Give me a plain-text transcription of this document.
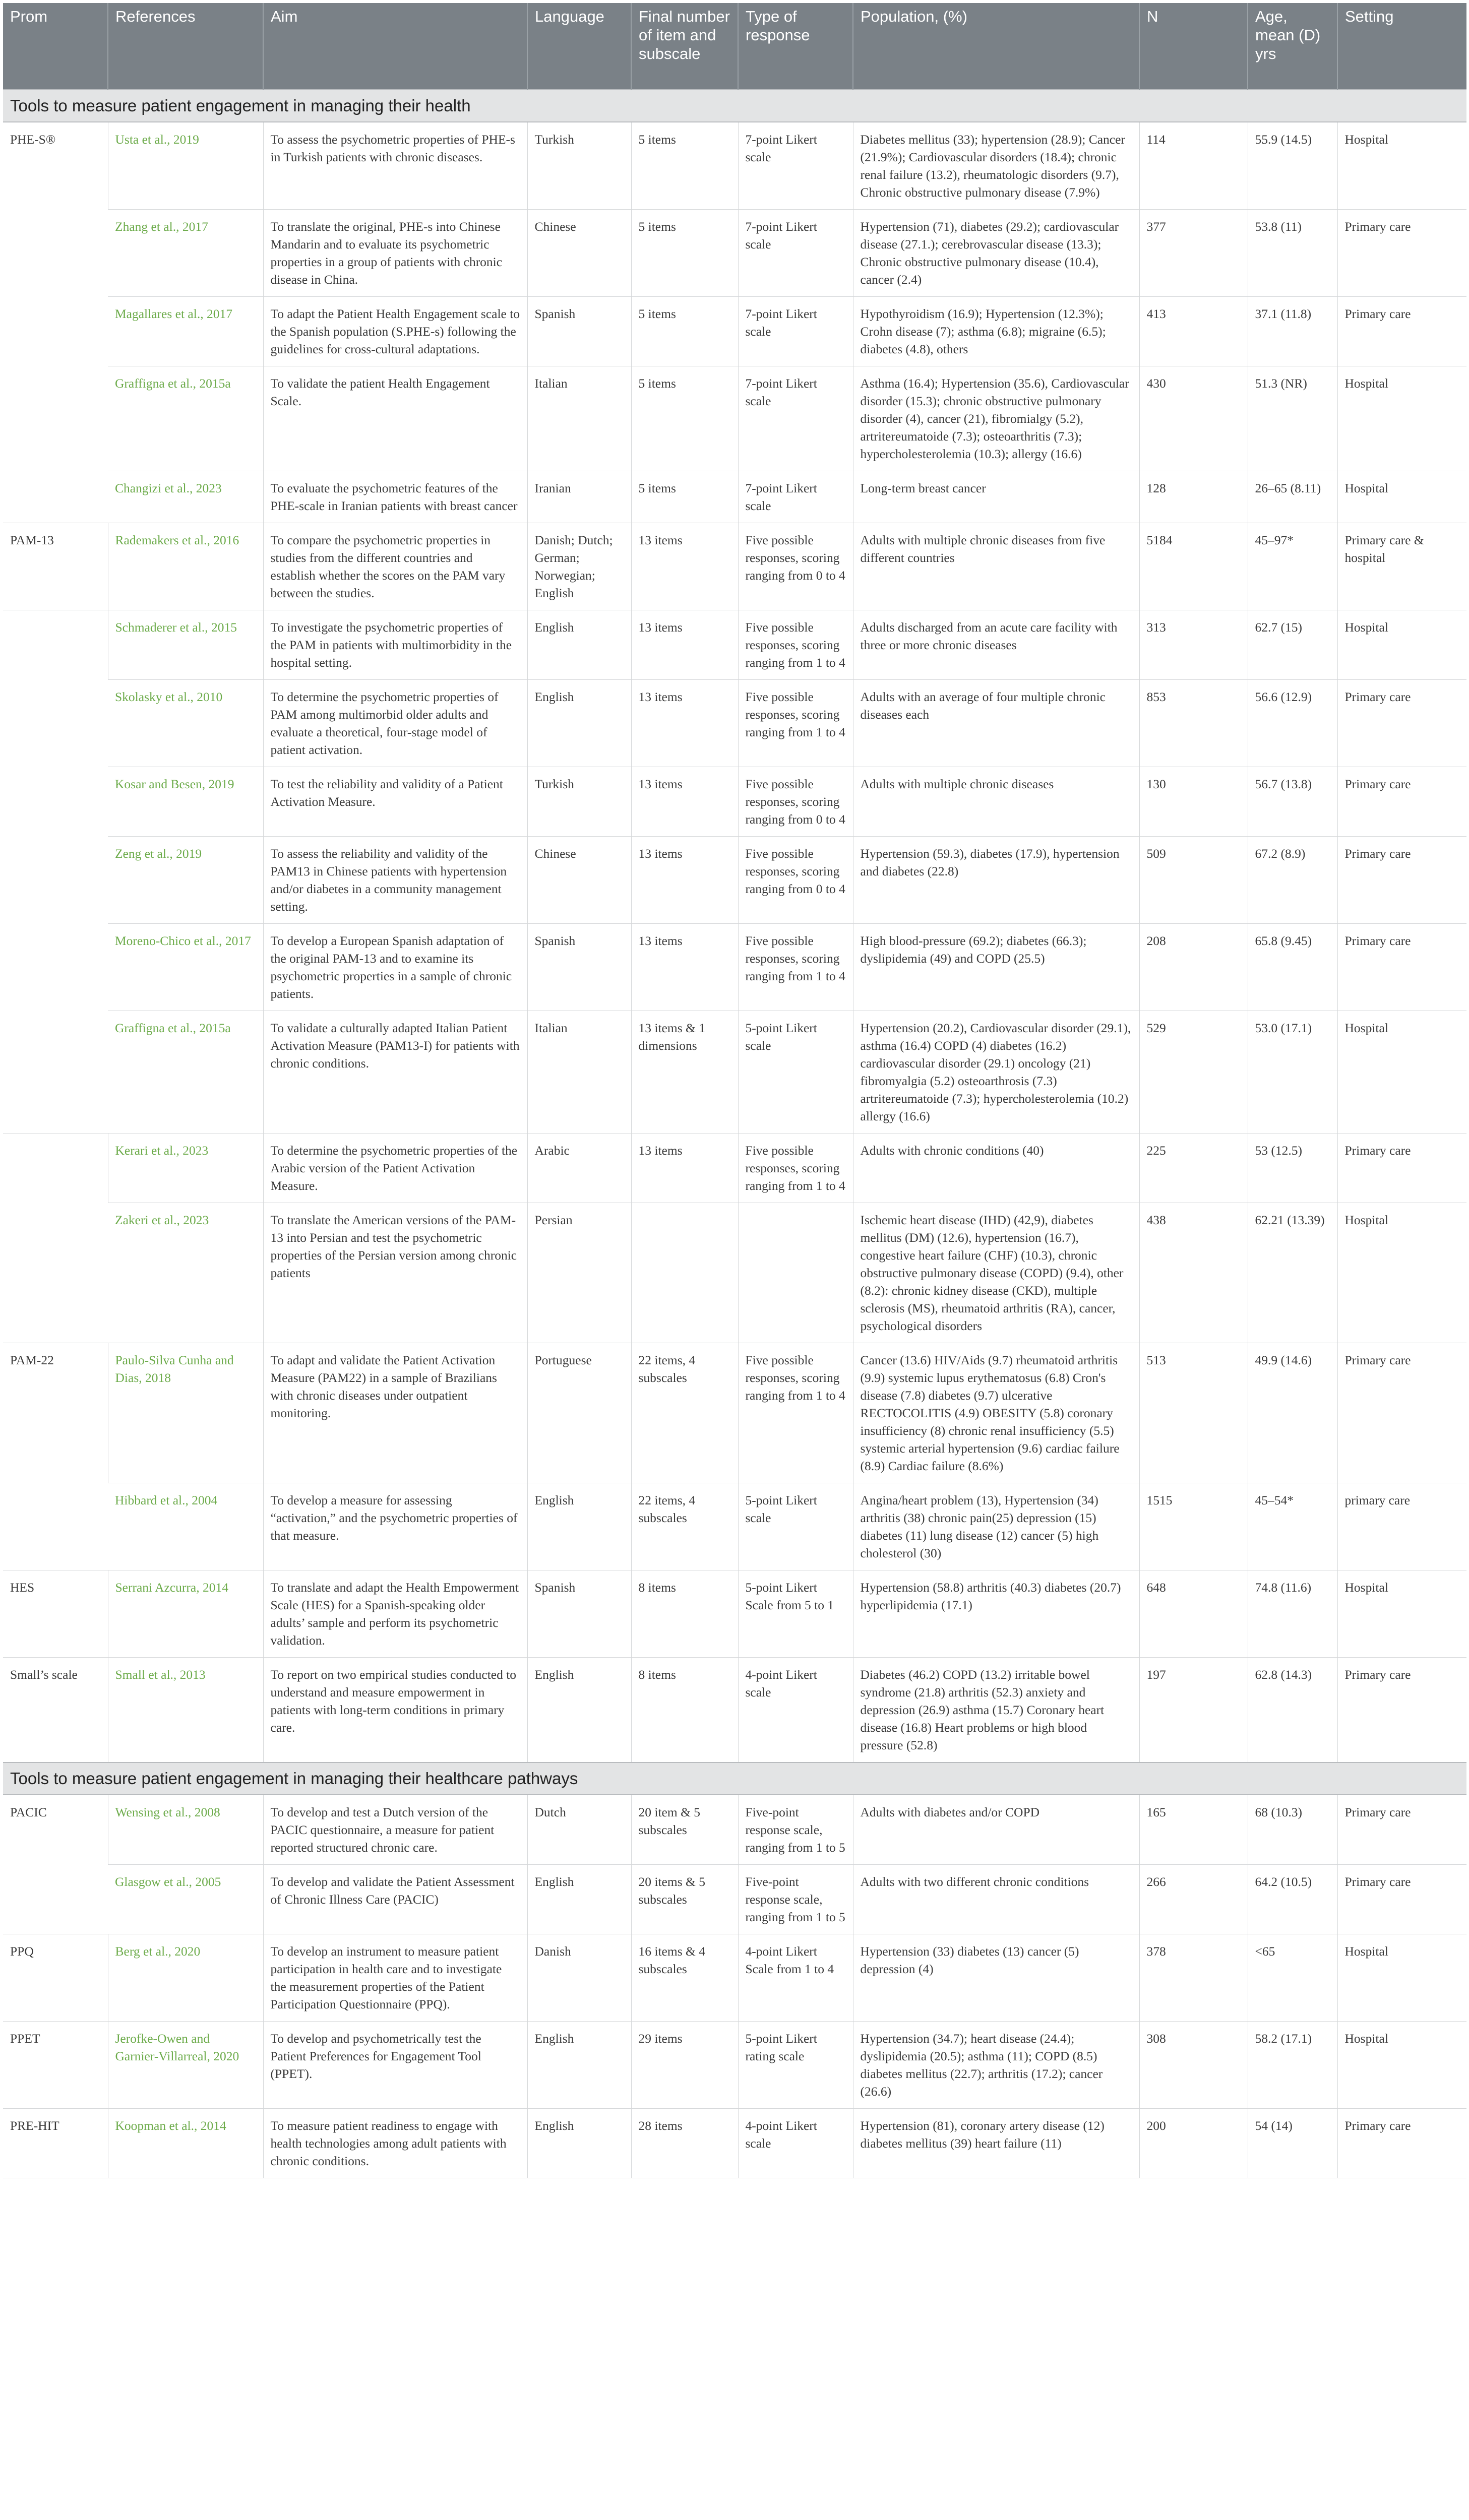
Prom	References	Aim	Language	Final number of item and subscale	Type of response	Population, (%)	N	Age, mean (D) yrs	Setting
Tools to measure patient engagement in managing their health									
PHE-S®	Usta et al., 2019	To assess the psychometric properties of PHE-s in Turkish patients with chronic diseases.	Turkish	5 items	7-point Likert scale	Diabetes mellitus (33); hypertension (28.9); Cancer (21.9%); Cardiovascular disorders (18.4); chronic renal failure (13.2), rheumatologic disorders (9.7), Chronic obstructive pulmonary disease (7.9%)	114	55.9 (14.5)	Hospital
	Zhang et al., 2017	To translate the original, PHE-s into Chinese Mandarin and to evaluate its psychometric properties in a group of patients with chronic disease in China.	Chinese	5 items	7-point Likert scale	Hypertension (71), diabetes (29.2); cardiovascular disease (27.1.); cerebrovascular disease (13.3); Chronic obstructive pulmonary disease (10.4), cancer (2.4)	377	53.8 (11)	Primary care
	Magallares et al., 2017	To adapt the Patient Health Engagement scale to the Spanish population (S.PHE-s) following the guidelines for cross-cultural adaptations.	Spanish	5 items	7-point Likert scale	Hypothyroidism (16.9); Hypertension (12.3%); Crohn disease (7); asthma (6.8); migraine (6.5); diabetes (4.8), others	413	37.1 (11.8)	Primary care
	Graffigna et al., 2015a	To validate the patient Health Engagement Scale.	Italian	5 items	7-point Likert scale	Asthma (16.4); Hypertension (35.6), Cardiovascular disorder (15.3); chronic obstructive pulmonary disorder (4), cancer (21), fibromialgy (5.2), artritereumatoide (7.3); osteoarthritis (7.3); hypercholesterolemia (10.3); allergy (16.6)	430	51.3 (NR)	Hospital
	Changizi et al., 2023	To evaluate the psychometric features of the PHE-scale in Iranian patients with breast cancer	Iranian	5 items	7-point Likert scale	Long-term breast cancer	128	26–65 (8.11)	Hospital
PAM-13	Rademakers et al., 2016	To compare the psychometric properties in studies from the different countries and establish whether the scores on the PAM vary between the studies.	Danish; Dutch; German; Norwegian; English	13 items	Five possible responses, scoring ranging from 0 to 4	Adults with multiple chronic diseases from five different countries	5184	45–97*	Primary care & hospital
	Schmaderer et al., 2015	To investigate the psychometric properties of the PAM in patients with multimorbidity in the hospital setting.	English	13 items	Five possible responses, scoring ranging from 1 to 4	Adults discharged from an acute care facility with three or more chronic diseases	313	62.7 (15)	Hospital
	Skolasky et al., 2010	To determine the psychometric properties of PAM among multimorbid older adults and evaluate a theoretical, four-stage model of patient activation.	English	13 items	Five possible responses, scoring ranging from 1 to 4	Adults with an average of four multiple chronic diseases each	853	56.6 (12.9)	Primary care
	Kosar and Besen, 2019	To test the reliability and validity of a Patient Activation Measure.	Turkish	13 items	Five possible responses, scoring ranging from 0 to 4	Adults with multiple chronic diseases	130	56.7 (13.8)	Primary care
	Zeng et al., 2019	To assess the reliability and validity of the PAM13 in Chinese patients with hypertension and/or diabetes in a community management setting.	Chinese	13 items	Five possible responses, scoring ranging from 0 to 4	Hypertension (59.3), diabetes (17.9), hypertension and diabetes (22.8)	509	67.2 (8.9)	Primary care
	Moreno-Chico et al., 2017	To develop a European Spanish adaptation of the original PAM-13 and to examine its psychometric properties in a sample of chronic patients.	Spanish	13 items	Five possible responses, scoring ranging from 1 to 4	High blood-pressure (69.2); diabetes (66.3); dyslipidemia (49) and COPD (25.5)	208	65.8 (9.45)	Primary care
	Graffigna et al., 2015a	To validate a culturally adapted Italian Patient Activation Measure (PAM13-I) for patients with chronic conditions.	Italian	13 items & 1 dimensions	5-point Likert scale	Hypertension (20.2), Cardiovascular disorder (29.1), asthma (16.4) COPD (4) diabetes (16.2) cardiovascular disorder (29.1) oncology (21) fibromyalgia (5.2) osteoarthrosis (7.3) artritereumatoide (7.3); hypercholesterolemia (10.2) allergy (16.6)	529	53.0 (17.1)	Hospital
	Kerari et al., 2023	To determine the psychometric properties of the Arabic version of the Patient Activation Measure.	Arabic	13 items	Five possible responses, scoring ranging from 1 to 4	Adults with chronic conditions (40)	225	53 (12.5)	Primary care
	Zakeri et al., 2023	To translate the American versions of the PAM-13 into Persian and test the psychometric properties of the Persian version among chronic patients	Persian			Ischemic heart disease (IHD) (42,9), diabetes mellitus (DM) (12.6), hypertension (16.7), congestive heart failure (CHF) (10.3), chronic obstructive pulmonary disease (COPD) (9.4), other (8.2): chronic kidney disease (CKD), multiple sclerosis (MS), rheumatoid arthritis (RA), cancer, psychological disorders	438	62.21 (13.39)	Hospital
PAM-22	Paulo-Silva Cunha and Dias, 2018	To adapt and validate the Patient Activation Measure (PAM22) in a sample of Brazilians with chronic diseases under outpatient monitoring.	Portuguese	22 items, 4 subscales	Five possible responses, scoring ranging from 1 to 4	Cancer (13.6) HIV/Aids (9.7) rheumatoid arthritis (9.9) systemic lupus erythematosus (6.8) Cron's disease (7.8) diabetes (9.7) ulcerative RECTOCOLITIS (4.9) OBESITY (5.8) coronary insufficiency (8) chronic renal insufficiency (5.5) systemic arterial hypertension (9.6) cardiac failure (8.9) Cardiac failure (8.6%)	513	49.9 (14.6)	Primary care
	Hibbard et al., 2004	To develop a measure for assessing “activation,” and the psychometric properties of that measure.	English	22 items, 4 subscales	5-point Likert scale	Angina/heart problem (13), Hypertension (34) arthritis (38) chronic pain(25) depression (15) diabetes (11) lung disease (12) cancer (5) high cholesterol (30)	1515	45–54*	primary care
HES	Serrani Azcurra, 2014	To translate and adapt the Health Empowerment Scale (HES) for a Spanish-speaking older adults’ sample and perform its psychometric validation.	Spanish	8 items	5-point Likert Scale from 5 to 1	Hypertension (58.8) arthritis (40.3) diabetes (20.7) hyperlipidemia (17.1)	648	74.8 (11.6)	Hospital
Small’s scale	Small et al., 2013	To report on two empirical studies conducted to understand and measure empowerment in patients with long-term conditions in primary care.	English	8 items	4-point Likert scale	Diabetes (46.2) COPD (13.2) irritable bowel syndrome (21.8) arthritis (52.3) anxiety and depression (26.9) asthma (15.7) Coronary heart disease (16.8) Heart problems or high blood pressure (52.8)	197	62.8 (14.3)	Primary care
Tools to measure patient engagement in managing their healthcare pathways									
PACIC	Wensing et al., 2008	To develop and test a Dutch version of the PACIC questionnaire, a measure for patient reported structured chronic care.	Dutch	20 item & 5 subscales	Five-point response scale, ranging from 1 to 5	Adults with diabetes and/or COPD	165	68 (10.3)	Primary care
	Glasgow et al., 2005	To develop and validate the Patient Assessment of Chronic Illness Care (PACIC)	English	20 items & 5 subscales	Five-point response scale, ranging from 1 to 5	Adults with two different chronic conditions	266	64.2 (10.5)	Primary care
PPQ	Berg et al., 2020	To develop an instrument to measure patient participation in health care and to investigate the measurement properties of the Patient Participation Questionnaire (PPQ).	Danish	16 items & 4 subscales	4-point Likert Scale from 1 to 4	Hypertension (33) diabetes (13) cancer (5) depression (4)	378	<65	Hospital
PPET	Jerofke-Owen and Garnier-Villarreal, 2020	To develop and psychometrically test the Patient Preferences for Engagement Tool (PPET).	English	29 items	5-point Likert rating scale	Hypertension (34.7); heart disease (24.4); dyslipidemia (20.5); asthma (11); COPD (8.5) diabetes mellitus (22.7); arthritis (17.2); cancer (26.6)	308	58.2 (17.1)	Hospital
PRE-HIT	Koopman et al., 2014	To measure patient readiness to engage with health technologies among adult patients with chronic conditions.	English	28 items	4-point Likert scale	Hypertension (81), coronary artery disease (12) diabetes mellitus (39) heart failure (11)	200	54 (14)	Primary care
